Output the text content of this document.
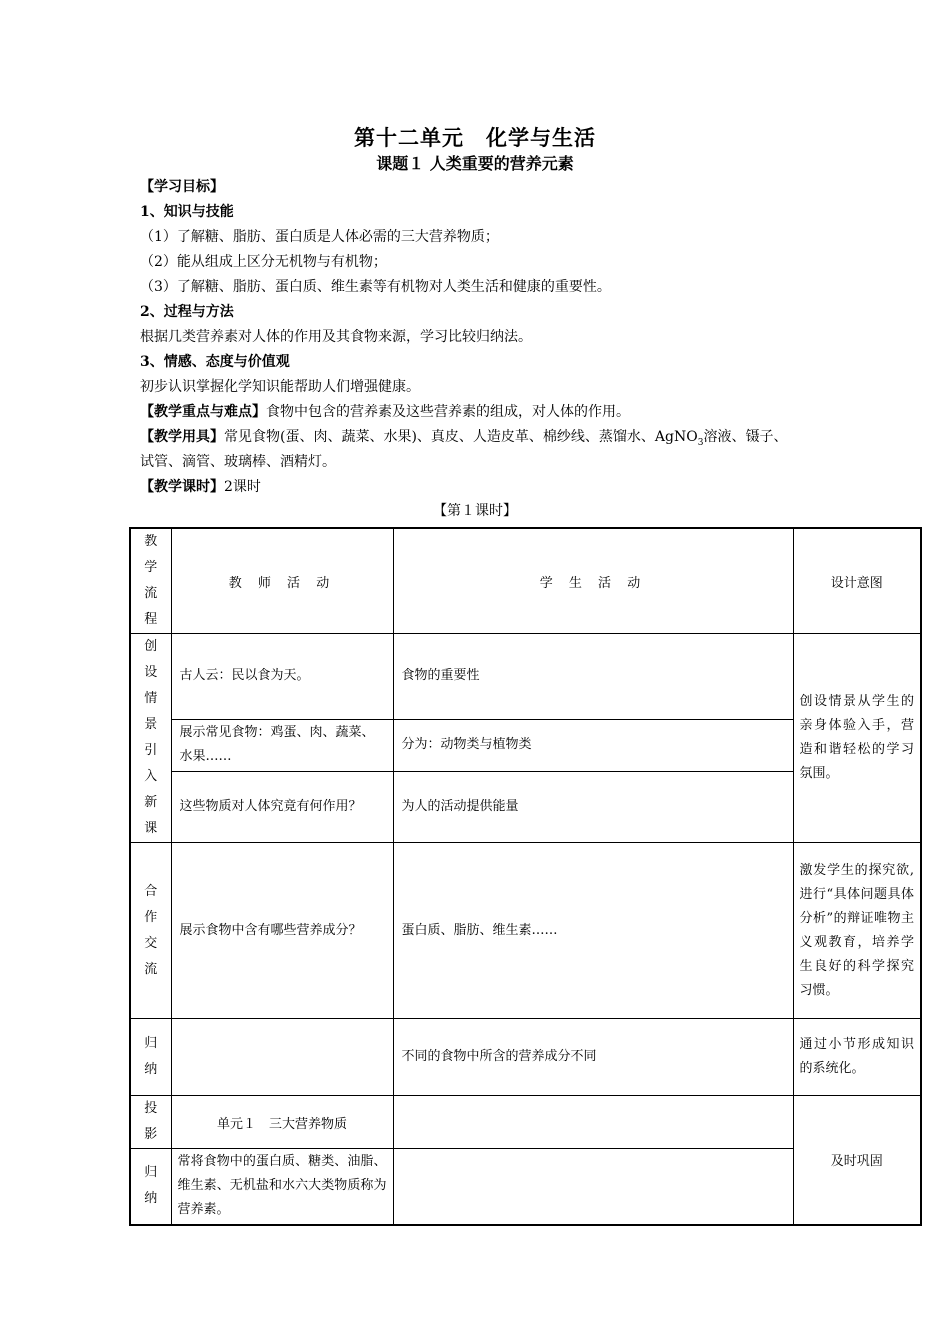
第十二单元　化学与生活
课题１ 人类重要的营养元素
【学习目标】
1、知识与技能
（1）了解糖、脂肪、蛋白质是人体必需的三大营养物质；
（2）能从组成上区分无机物与有机物；
（3）了解糖、脂肪、蛋白质、维生素等有机物对人类生活和健康的重要性。
2、过程与方法
根据几类营养素对人体的作用及其食物来源，学习比较归纳法。
3、情感、态度与价值观
初步认识掌握化学知识能帮助人们增强健康。
【教学重点与难点】食物中包含的营养素及这些营养素的组成，对人体的作用。
【教学用具】常见食物(蛋、肉、蔬菜、水果)、真皮、人造皮革、棉纱线、蒸馏水、AgNO$_3$溶液、镊子、
试管、滴管、玻璃棒、酒精灯。
【教学课时】2课时
【第１课时】
教学流程	教 师 活 动	学 生 活 动	设计意图

创设情景引入新课	古人云：民以食为天。	食物的重要性	创设情景从学生的亲身体验入手，营造和谐轻松的学习氛围。
	展示常见食物：鸡蛋、肉、蔬菜、水果……	分为：动物类与植物类	
	这些物质对人体究竟有何作用？	为人的活动提供能量	

合作交流	展示食物中含有哪些营养成分？	蛋白质、脂肪、维生素……	激发学生的探究欲,进行“具体问题具体分析”的辩证唯物主义观教育，培养学生良好的科学探究习惯。

归纳		不同的食物中所含的营养成分不同	通过小节形成知识的系统化。

投影	单元１　三大营养物质		及时巩固

归纳	常将食物中的蛋白质、糖类、油脂、维生素、无机盐和水六大类物质称为营养素。		
